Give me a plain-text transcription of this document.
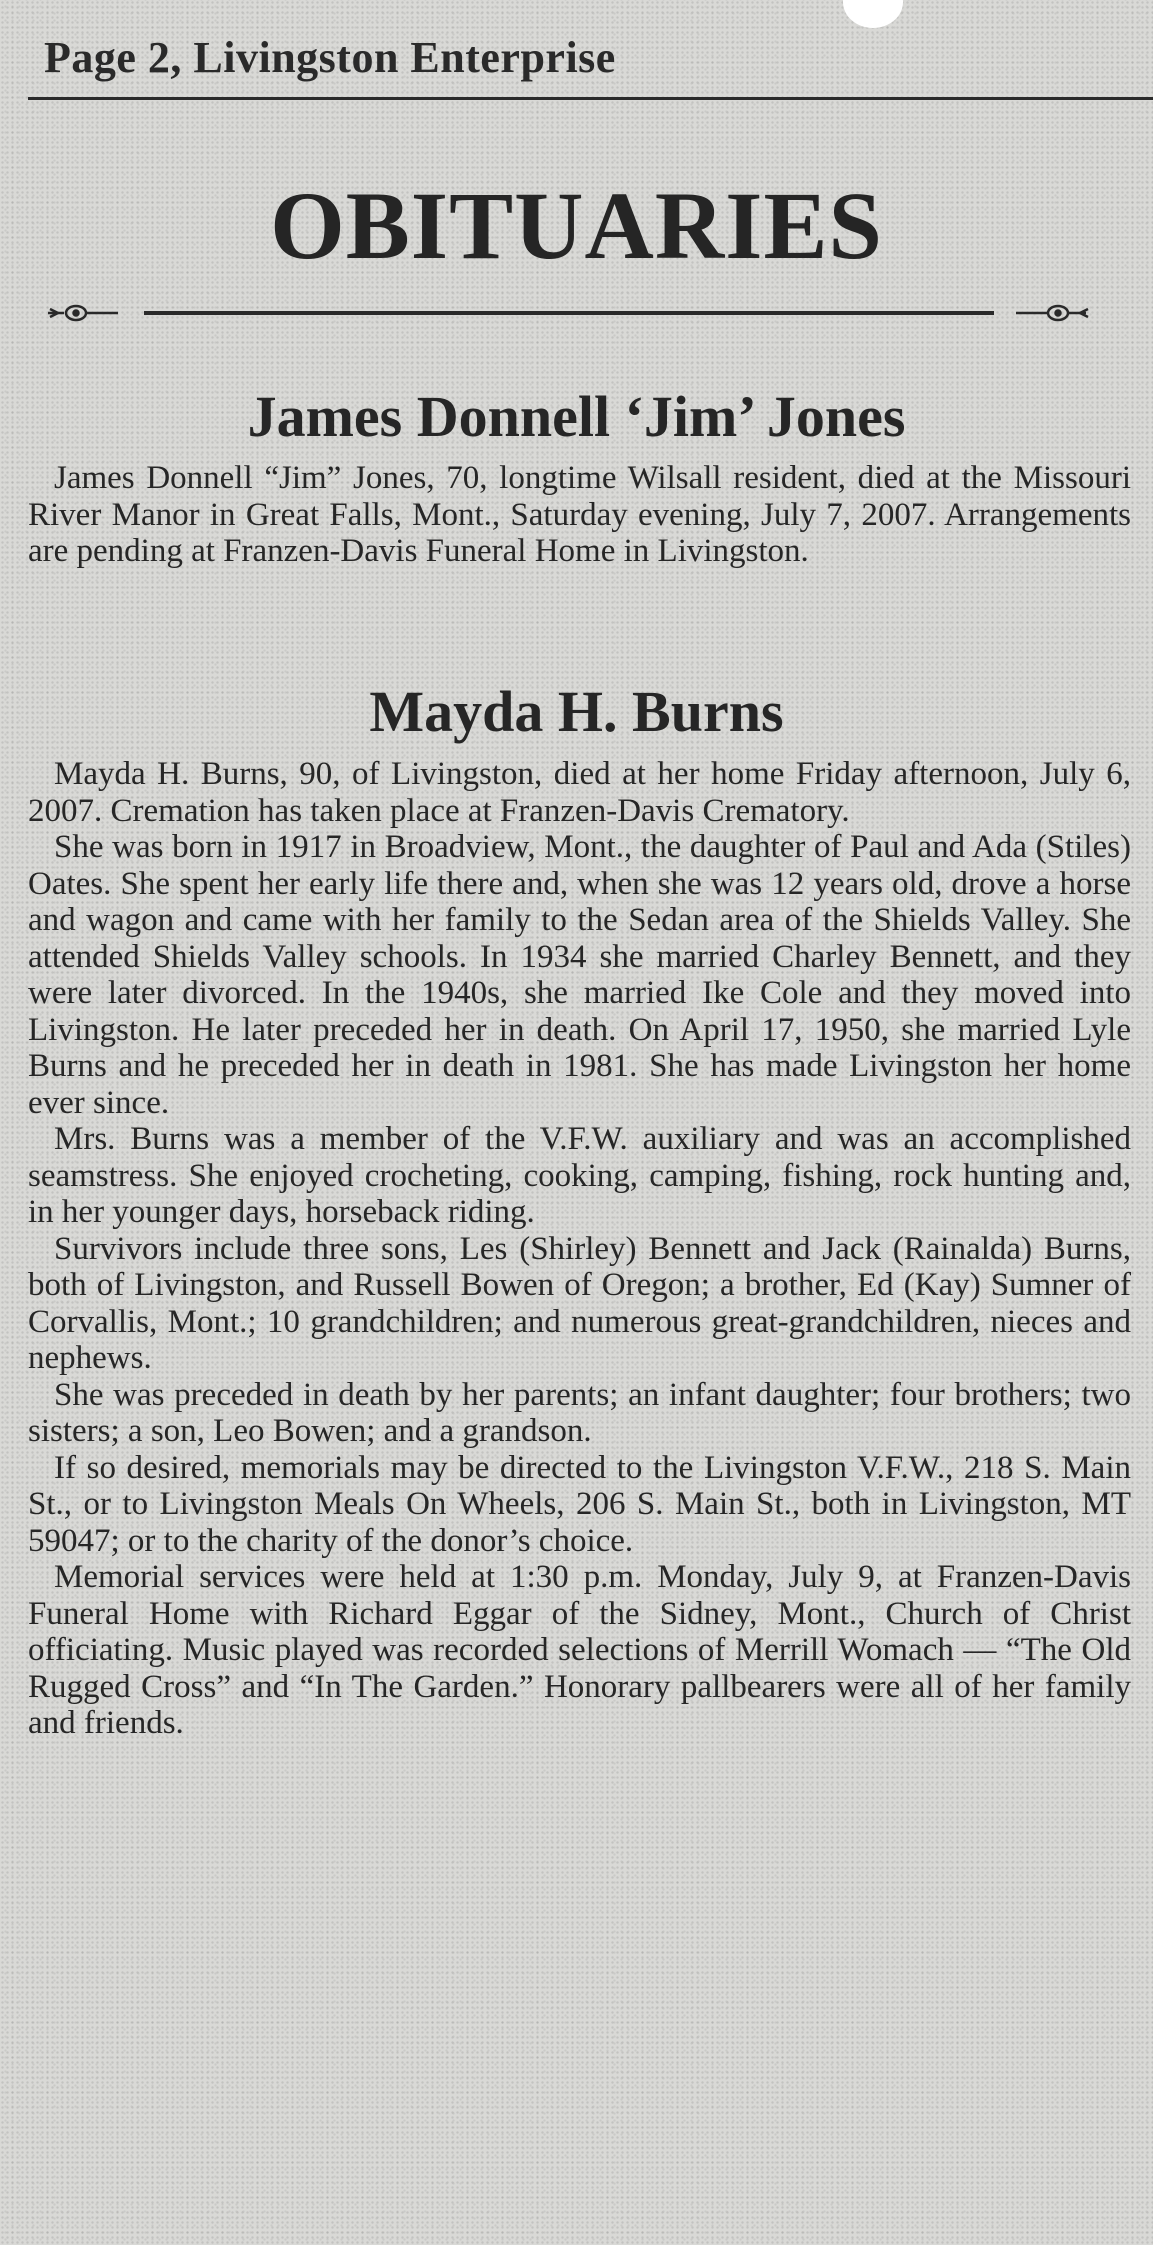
Page 2, Livingston Enterprise
OBITUARIES
James Donnell ‘Jim’ Jones

James Donnell “Jim” Jones, 70, longtime Wilsall resident, died at the Missouri River Manor in Great Falls, Mont., Saturday evening, July 7, 2007. Arrangements are pending at Franzen-Davis Funeral Home in Livingston.

Mayda H. Burns

Mayda H. Burns, 90, of Livingston, died at her home Friday afternoon, July 6, 2007. Cremation has taken place at Franzen-Davis Crematory.

She was born in 1917 in Broadview, Mont., the daughter of Paul and Ada (Stiles) Oates. She spent her early life there and, when she was 12 years old, drove a horse and wagon and came with her family to the Sedan area of the Shields Valley. She attended Shields Valley schools. In 1934 she married Charley Bennett, and they were later divorced. In the 1940s, she married Ike Cole and they moved into Livingston. He later preceded her in death. On April 17, 1950, she married Lyle Burns and he preceded her in death in 1981. She has made Livingston her home ever since.

Mrs. Burns was a member of the V.F.W. auxiliary and was an accomplished seamstress. She enjoyed crocheting, cooking, camping, fishing, rock hunting and, in her younger days, horseback riding.

Survivors include three sons, Les (Shirley) Bennett and Jack (Rainalda) Burns, both of Livingston, and Russell Bowen of Oregon; a brother, Ed (Kay) Sumner of Corvallis, Mont.; 10 grandchildren; and numerous great-grandchildren, nieces and nephews.

She was preceded in death by her parents; an infant daughter; four brothers; two sisters; a son, Leo Bowen; and a grandson.

If so desired, memorials may be directed to the Livingston V.F.W., 218 S. Main St., or to Livingston Meals On Wheels, 206 S. Main St., both in Livingston, MT 59047; or to the charity of the donor’s choice.

Memorial services were held at 1:30 p.m. Monday, July 9, at Franzen-Davis Funeral Home with Richard Eggar of the Sidney, Mont., Church of Christ officiating. Music played was recorded selections of Merrill Womach — “The Old Rugged Cross” and “In The Garden.” Honorary pallbearers were all of her family and friends.
